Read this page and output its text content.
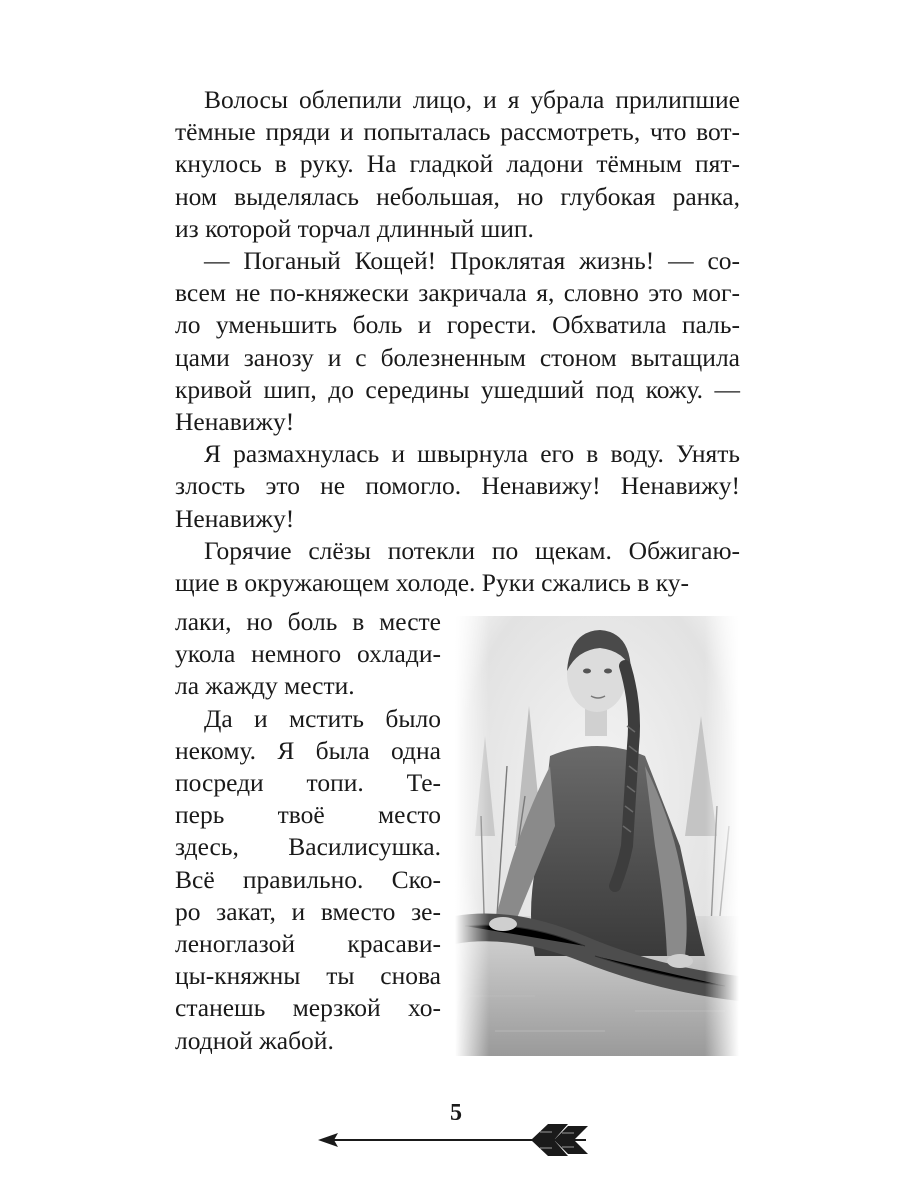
Волосы облепили лицо, и я убрала прилипшие
тёмные пряди и попыталась рассмотреть, что вот-
кнулось в руку. На гладкой ладони тёмным пят-
ном выделялась небольшая, но глубокая ранка,
из которой торчал длинный шип.
— Поганый Кощей! Проклятая жизнь! — со-
всем не по-княжески закричала я, словно это мог-
ло уменьшить боль и горести. Обхватила паль-
цами занозу и с болезненным стоном вытащила
кривой шип, до середины ушедший под кожу. —
Ненавижу!
Я размахнулась и швырнула его в воду. Унять
злость это не помогло. Ненавижу! Ненавижу!
Ненавижу!
Горячие слёзы потекли по щекам. Обжигаю-
щие в окружающем холоде. Руки сжались в ку-
лаки, но боль в месте
укола немного охлади-
ла жажду мести.
Да и мстить было
некому. Я была одна
посреди топи. Те-
перь твоё место
здесь, Василисушка.
Всё правильно. Ско-
ро закат, и вместо зе-
леноглазой красави-
цы-княжны ты снова
станешь мерзкой хо-
лодной жабой.
5
